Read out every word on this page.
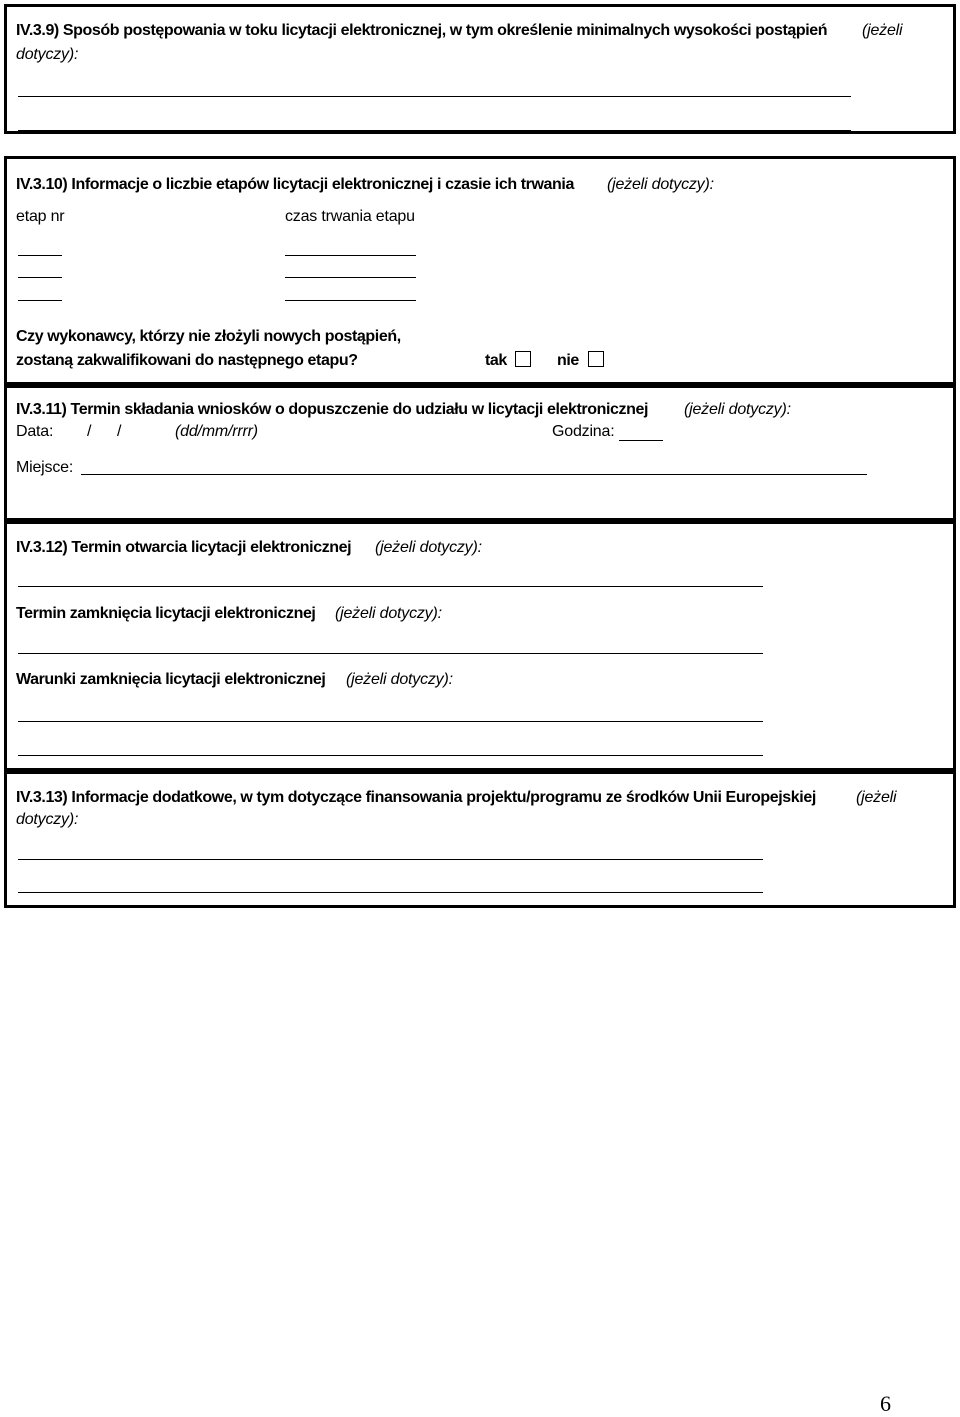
IV.3.9) Sposób postępowania w toku licytacji elektronicznej, w tym określenie minimalnych wysokości postąpień (jeżeli
dotyczy):
IV.3.10) Informacje o liczbie etapów licytacji elektronicznej i czasie ich trwania (jeżeli dotyczy):
etap nr	czas trwania etapu
Czy wykonawcy, którzy nie złożyli nowych postąpień,
zostaną zakwalifikowani do następnego etapu?	tak	nie
IV.3.11) Termin składania wniosków o dopuszczenie do udziału w licytacji elektronicznej (jeżeli dotyczy):
Data: / /	(dd/mm/rrrr)	Godzina:
Miejsce:
IV.3.12) Termin otwarcia licytacji elektronicznej (jeżeli dotyczy):
Termin zamknięcia licytacji elektronicznej (jeżeli dotyczy):
Warunki zamknięcia licytacji elektronicznej (jeżeli dotyczy):
IV.3.13) Informacje dodatkowe, w tym dotyczące finansowania projektu/programu ze środków Unii Europejskiej	(jeżeli
dotyczy):
6
